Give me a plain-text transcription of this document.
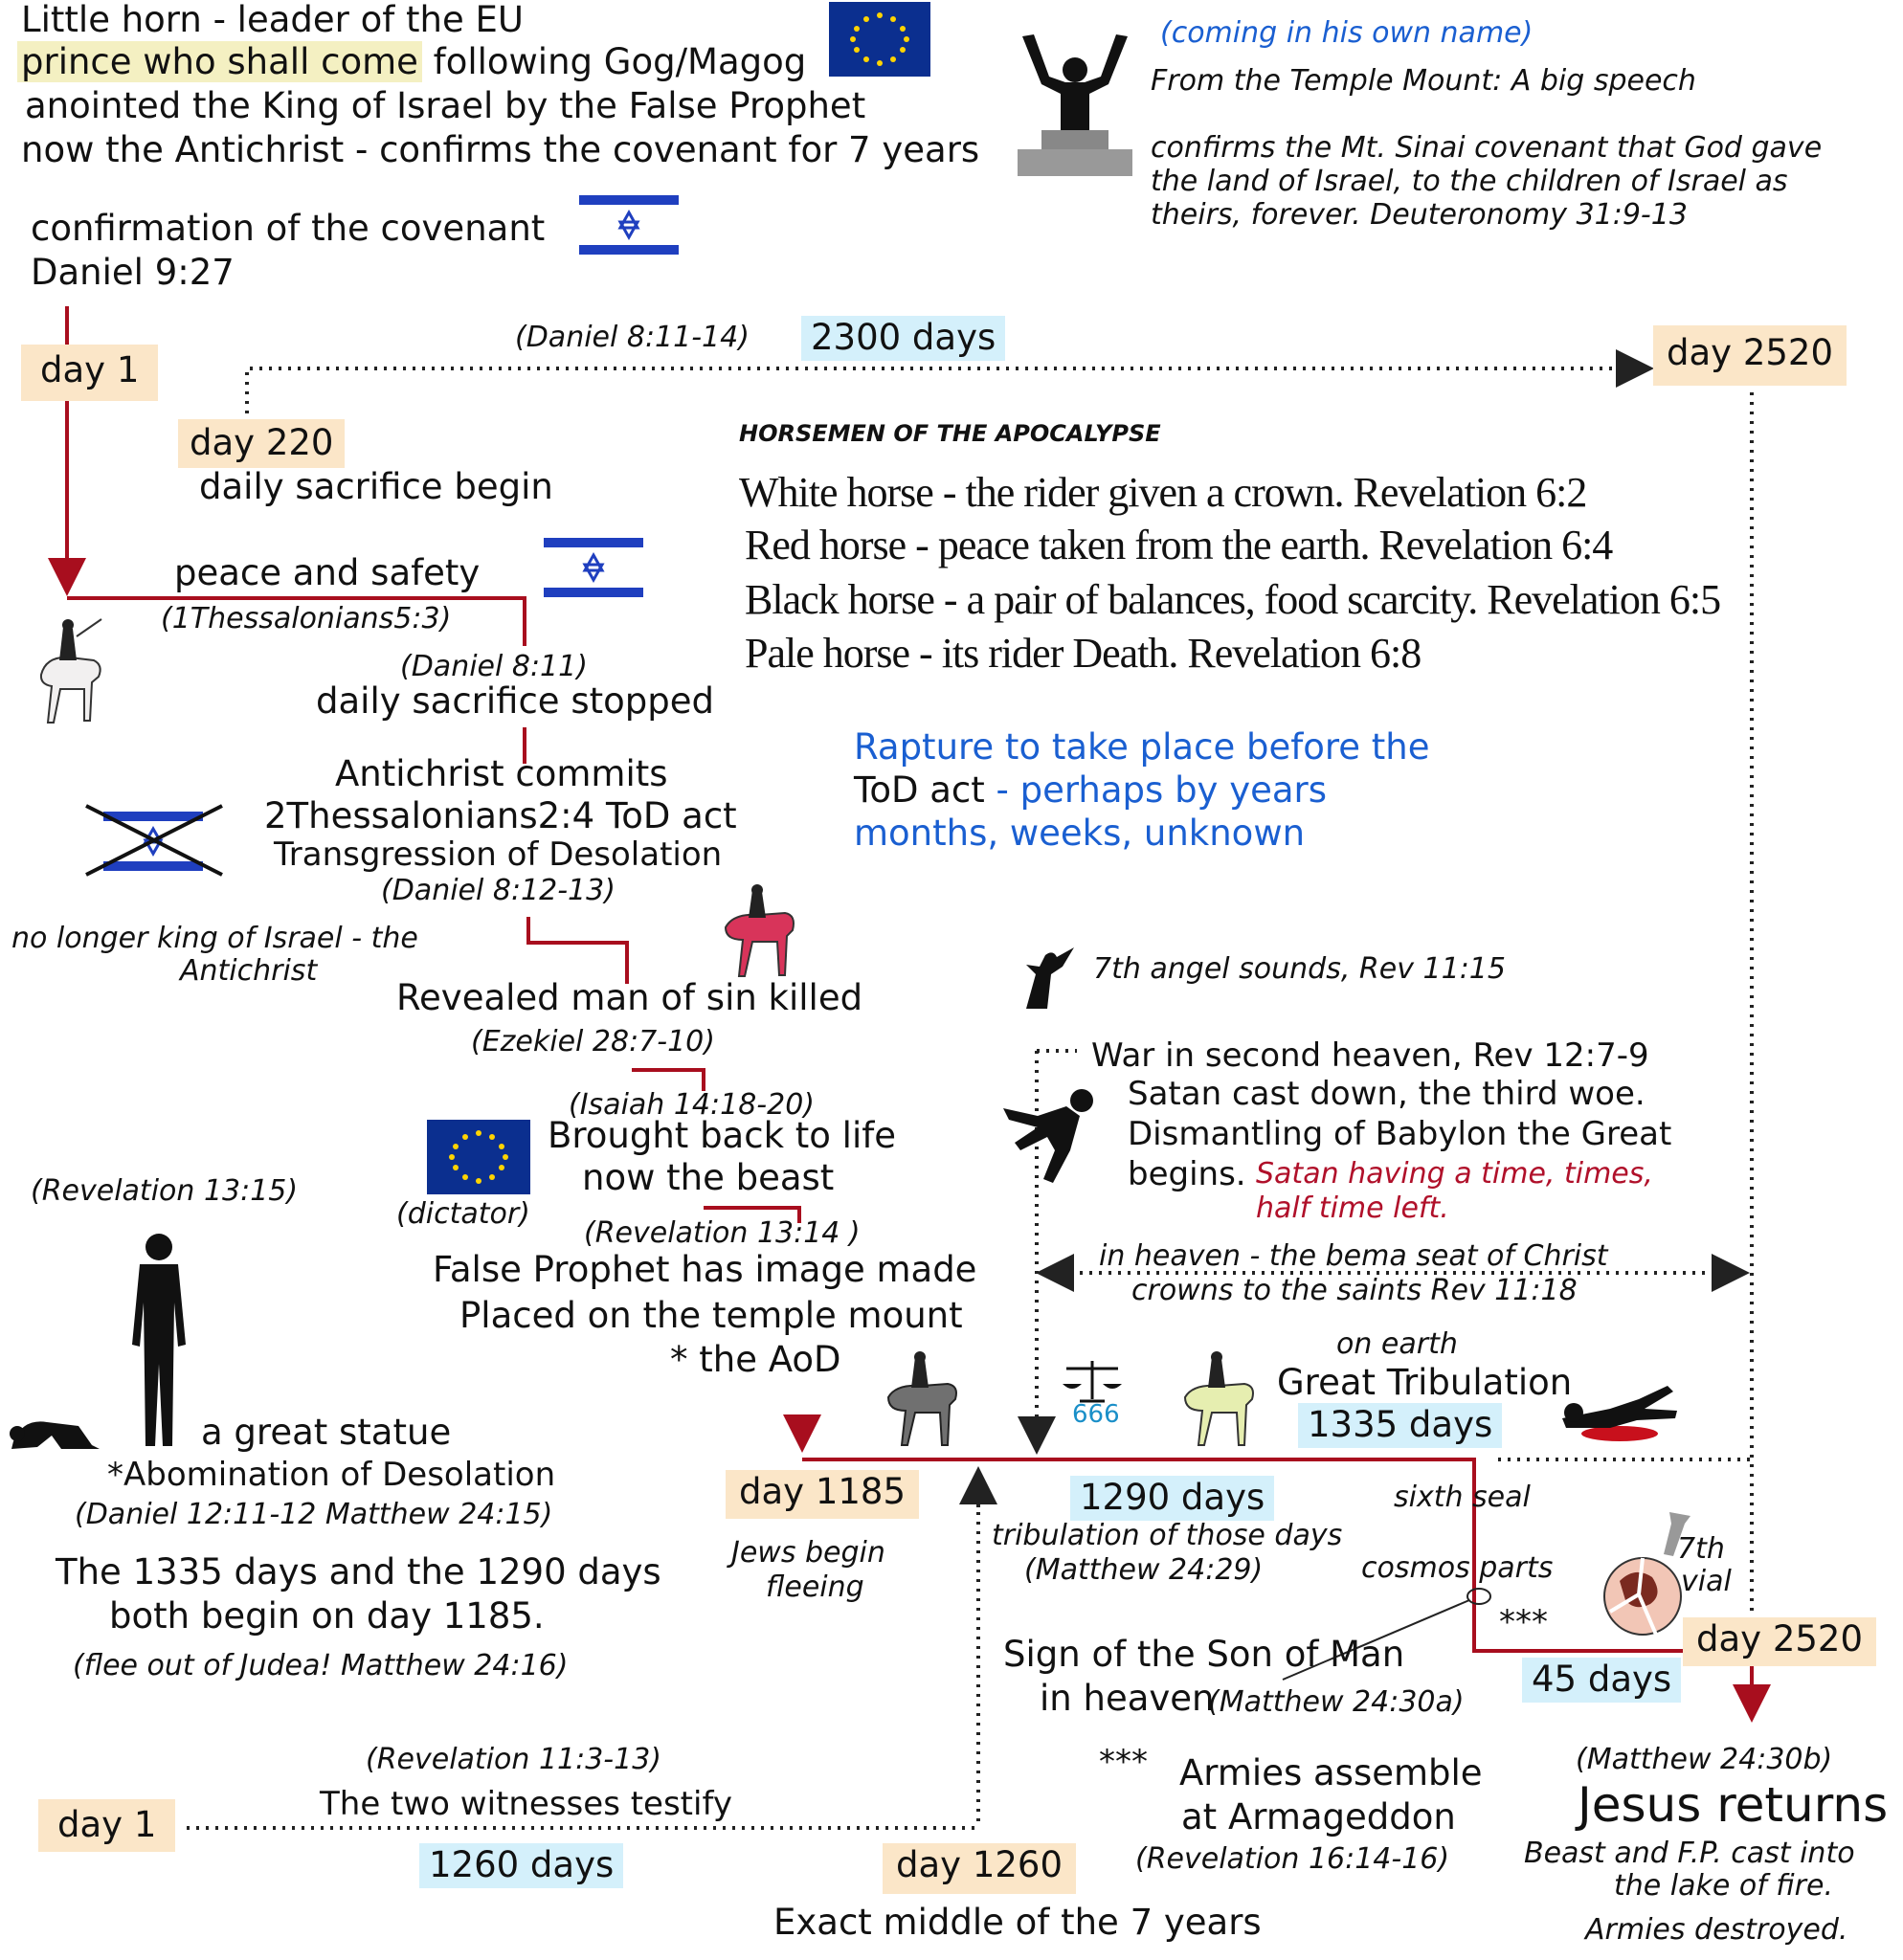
Little horn - leader of the EU
prince who shall come following Gog/Magog
anointed the King of Israel by the False Prophet
now the Antichrist - confirms the covenant for 7 years
confirmation of the covenant
Daniel 9:27
(coming in his own name)
From the Temple Mount: A big speech
confirms the Mt. Sinai covenant that God gave
the land of Israel, to the children of Israel as
theirs, forever. Deuteronomy 31:9-13
(Daniel 8:11-14) 2300 days
day 1	day 2520
day 220
daily sacrifice begin
HORSEMEN OF THE APOCALYPSE
White horse - the rider given a crown. Revelation 6:2
Red horse - peace taken from the earth. Revelation 6:4
Black horse - a pair of balances, food scarcity. Revelation 6:5
Pale horse - its rider Death. Revelation 6:8
Rapture to take place before the
ToD act - perhaps by years
months, weeks, unknown
peace and safety
(1Thessalonians5:3)
(Daniel 8:11)
daily sacrifice stopped
Antichrist commits
2Thessalonians2:4 ToD act
Transgression of Desolation
(Daniel 8:12-13)
no longer king of Israel - the
Antichrist
Revealed man of sin killed
(Ezekiel 28:7-10)
(Isaiah 14:18-20)
Brought back to life
now the beast
(dictator)
(Revelation 13:15)
(Revelation 13:14 )
False Prophet has image made
Placed on the temple mount
* the AoD
a great statue
*Abomination of Desolation
(Daniel 12:11-12 Matthew 24:15)
The 1335 days and the 1290 days
both begin on day 1185.
(flee out of Judea! Matthew 24:16)
7th angel sounds, Rev 11:15
War in second heaven, Rev 12:7-9
Satan cast down, the third woe.
Dismantling of Babylon the Great
begins. Satan having a time, times,
half time left.
in heaven - the bema seat of Christ
crowns to the saints Rev 11:18
666
on earth
Great Tribulation
1335 days
day 1185
Jews begin
fleeing
1290 days
tribulation of those days
(Matthew 24:29)
sixth seal
cosmos parts
7th
vial
***	day 2520
45 days
Sign of the Son of Man
in heaven
(Matthew 24:30a)
(Revelation 11:3-13)
The two witnesses testify
day 1
1260 days	day 1260
Exact middle of the 7 years
*** Armies assemble
at Armageddon
(Revelation 16:14-16)
(Matthew 24:30b)
Jesus returns
Beast and F.P. cast into
the lake of fire.
Armies destroyed.
